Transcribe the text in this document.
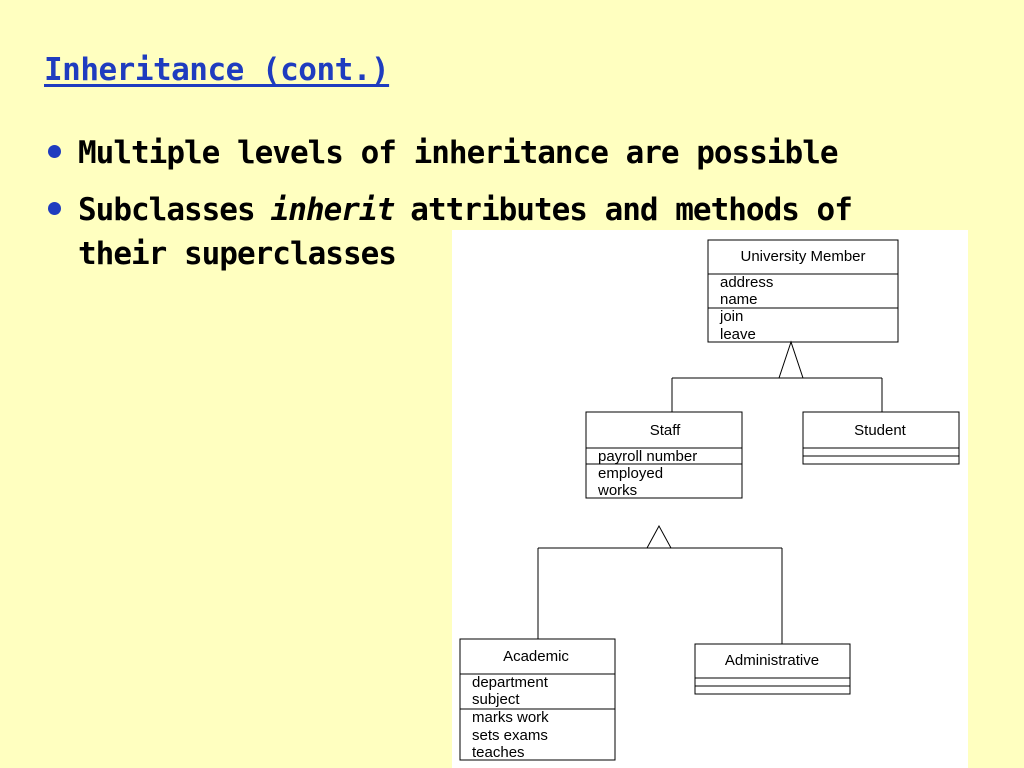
Inheritance (cont.)
Multiple levels of inheritance are possible
Subclasses inherit attributes and methods of
their superclasses	University Member
address
name
join
leave
Staff
payroll number
employed
works
Student
Academic
department
subject
marks work
sets exams
teaches
Administrative
